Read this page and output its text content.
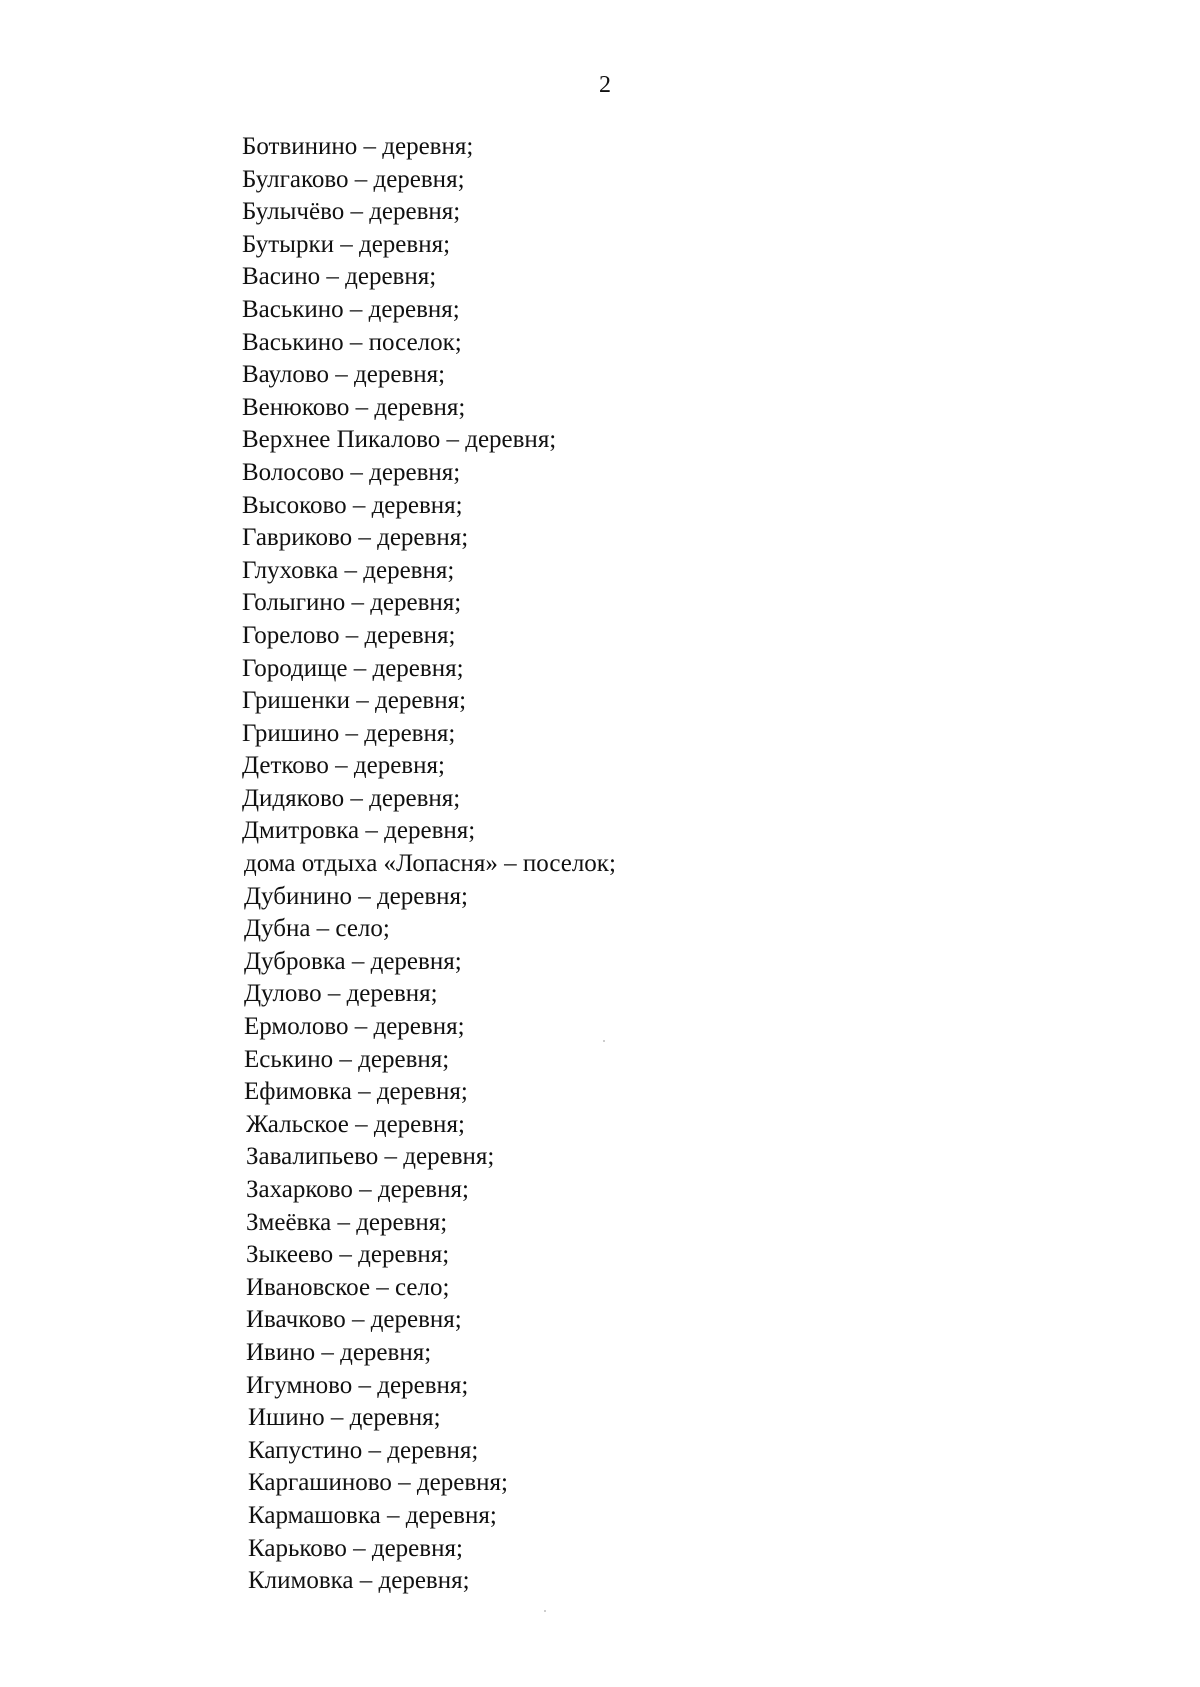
2
Ботвинино – деревня;
Булгаково – деревня;
Булычёво – деревня;
Бутырки – деревня;
Васино – деревня;
Васькино – деревня;
Васькино – поселок;
Ваулово – деревня;
Венюково – деревня;
Верхнее Пикалово – деревня;
Волосово – деревня;
Высоково – деревня;
Гавриково – деревня;
Глуховка – деревня;
Голыгино – деревня;
Горелово – деревня;
Городище – деревня;
Гришенки – деревня;
Гришино – деревня;
Детково – деревня;
Дидяково – деревня;
Дмитровка – деревня;
дома отдыха «Лопасня» – поселок;
Дубинино – деревня;
Дубна – село;
Дубровка – деревня;
Дулово – деревня;
Ермолово – деревня;
Еськино – деревня;
Ефимовка – деревня;
Жальское – деревня;
Завалипьево – деревня;
Захарково – деревня;
Змеёвка – деревня;
Зыкеево – деревня;
Ивановское – село;
Ивачково – деревня;
Ивино – деревня;
Игумново – деревня;
Ишино – деревня;
Капустино – деревня;
Каргашиново – деревня;
Кармашовка – деревня;
Карьково – деревня;
Климовка – деревня;
